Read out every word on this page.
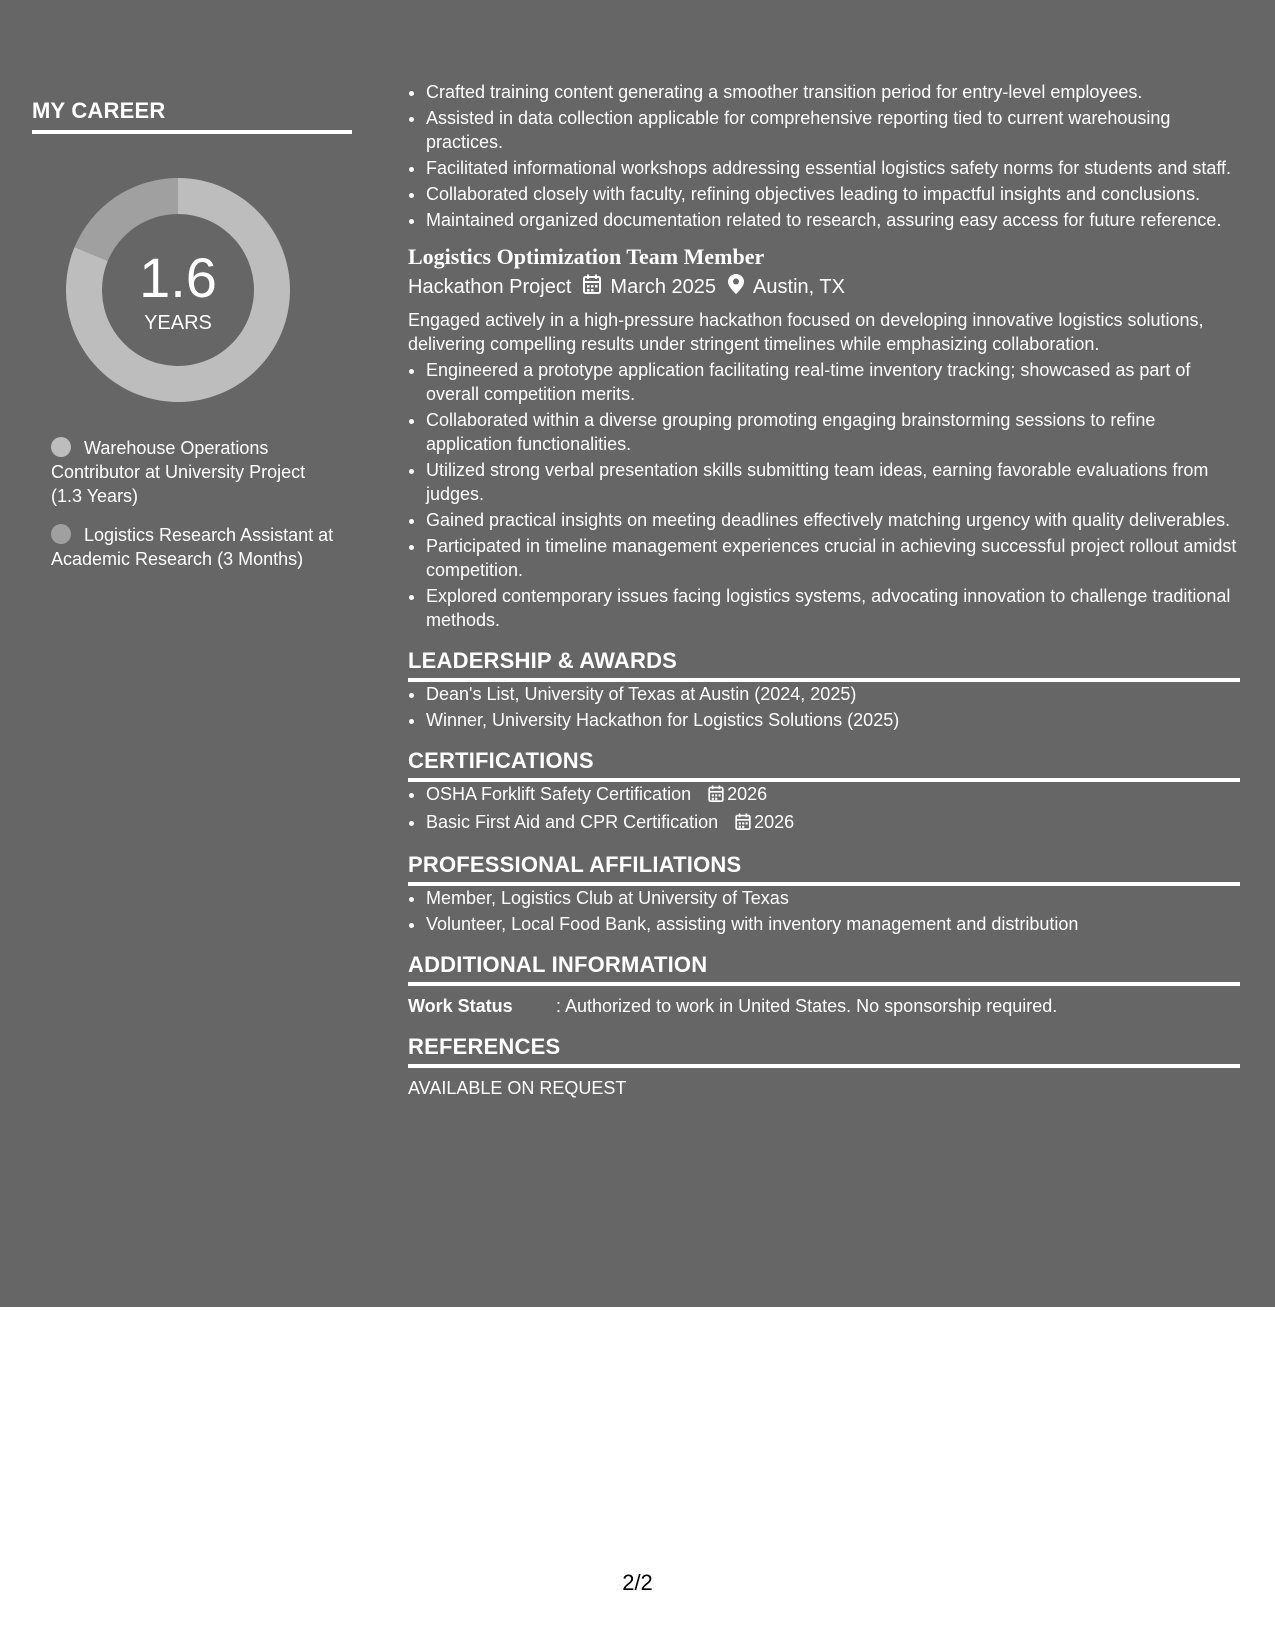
MY CAREER
1.6
YEARS
Warehouse Operations Contributor at University Project (1.3 Years)
Logistics Research Assistant at Academic Research (3 Months)
• Crafted training content generating a smoother transition period for entry-level employees.
• Assisted in data collection applicable for comprehensive reporting tied to current warehousing practices.
• Facilitated informational workshops addressing essential logistics safety norms for students and staff.
• Collaborated closely with faculty, refining objectives leading to impactful insights and conclusions.
• Maintained organized documentation related to research, assuring easy access for future reference.
Logistics Optimization Team Member
Hackathon Project March 2025 Austin, TX
Engaged actively in a high-pressure hackathon focused on developing innovative logistics solutions, delivering compelling results under stringent timelines while emphasizing collaboration.
• Engineered a prototype application facilitating real-time inventory tracking; showcased as part of overall competition merits.
• Collaborated within a diverse grouping promoting engaging brainstorming sessions to refine application functionalities.
• Utilized strong verbal presentation skills submitting team ideas, earning favorable evaluations from judges.
• Gained practical insights on meeting deadlines effectively matching urgency with quality deliverables.
• Participated in timeline management experiences crucial in achieving successful project rollout amidst competition.
• Explored contemporary issues facing logistics systems, advocating innovation to challenge traditional methods.
LEADERSHIP & AWARDS
• Dean's List, University of Texas at Austin (2024, 2025)
• Winner, University Hackathon for Logistics Solutions (2025)
CERTIFICATIONS
• OSHA Forklift Safety Certification 2026
• Basic First Aid and CPR Certification 2026
PROFESSIONAL AFFILIATIONS
• Member, Logistics Club at University of Texas
• Volunteer, Local Food Bank, assisting with inventory management and distribution
ADDITIONAL INFORMATION
Work Status : Authorized to work in United States. No sponsorship required.
REFERENCES
AVAILABLE ON REQUEST
2/2
